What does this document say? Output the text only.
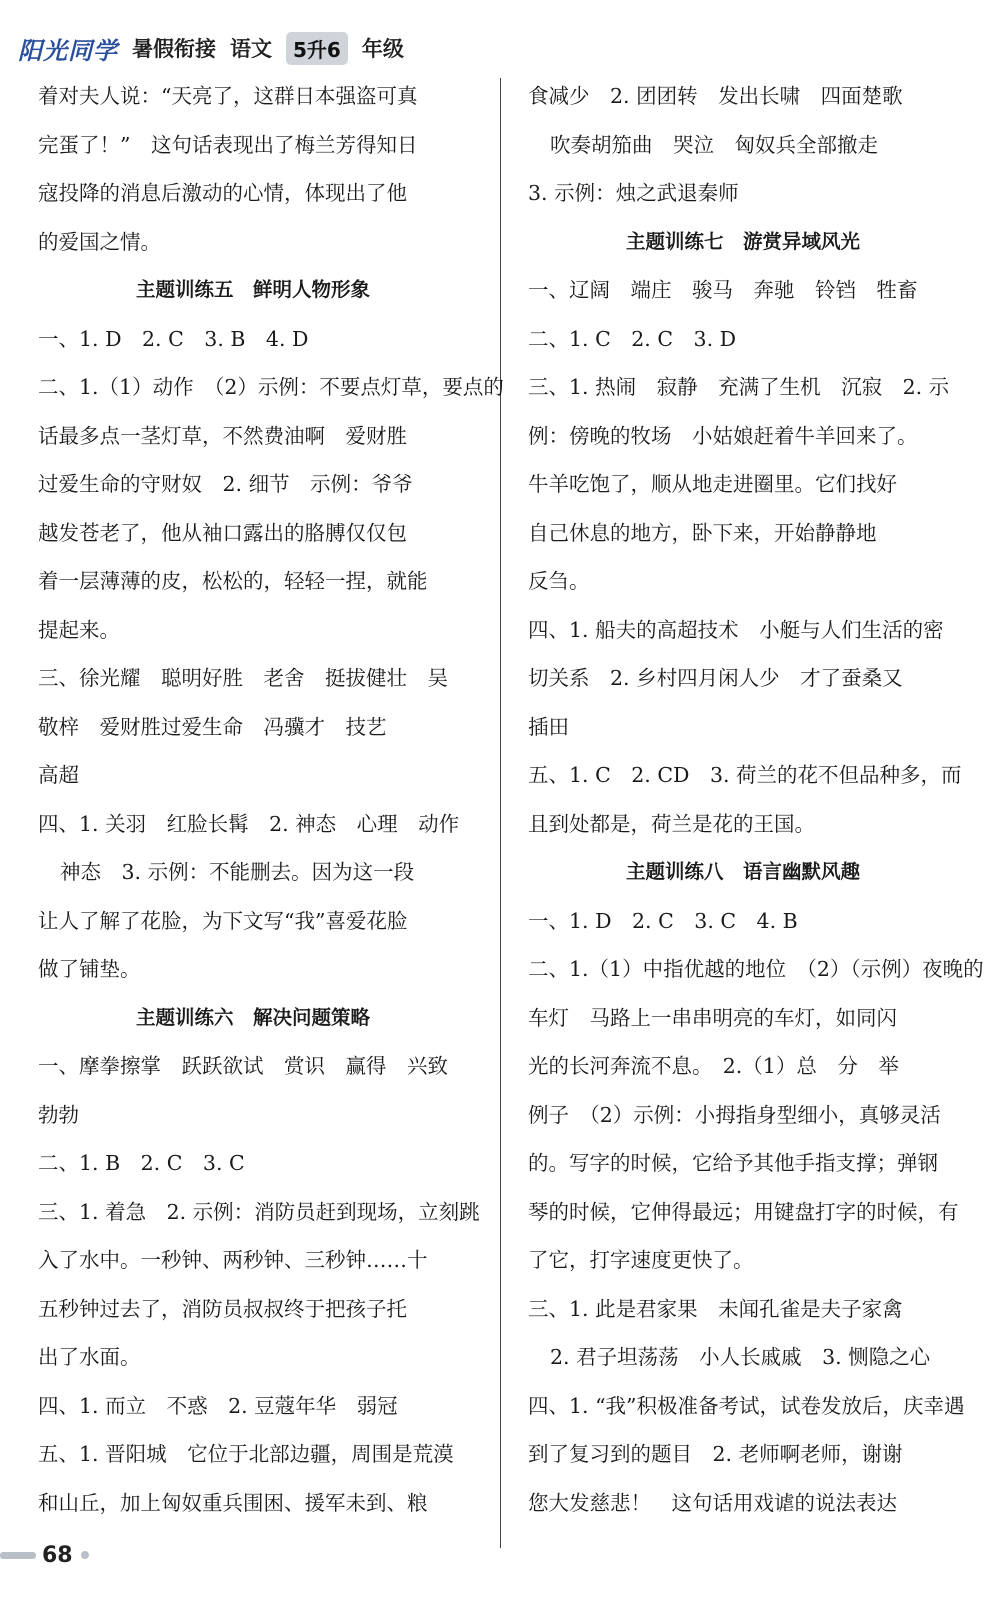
阳光同学 暑假衔接 语文	5升6	年级
着对夫人说：“天亮了，这群日本强盗可真
完蛋了！”　这句话表现出了梅兰芳得知日
寇投降的消息后激动的心情，体现出了他
的爱国之情。
主题训练五　鲜明人物形象
一、1. D　2. C　3. B　4. D
二、1.（1）动作　（2）示例：不要点灯草，要点的
话最多点一茎灯草，不然费油啊　爱财胜
过爱生命的守财奴　2. 细节　示例：爷爷
越发苍老了，他从袖口露出的胳膊仅仅包
着一层薄薄的皮，松松的，轻轻一捏，就能
提起来。
三、徐光耀　聪明好胜　老舍　挺拔健壮　吴
敬梓　爱财胜过爱生命　冯骥才　技艺
高超
四、1. 关羽　红脸长髯　2. 神态　心理　动作
神态　3. 示例：不能删去。因为这一段
让人了解了花脸，为下文写“我”喜爱花脸
做了铺垫。
主题训练六　解决问题策略
一、摩拳擦掌　跃跃欲试　赏识　赢得　兴致
勃勃
二、1. B　2. C　3. C
三、1. 着急　2. 示例：消防员赶到现场，立刻跳
入了水中。一秒钟、两秒钟、三秒钟……十
五秒钟过去了，消防员叔叔终于把孩子托
出了水面。
四、1. 而立　不惑　2. 豆蔻年华　弱冠
五、1. 晋阳城　它位于北部边疆，周围是荒漠
和山丘，加上匈奴重兵围困、援军未到、粮
食减少　2. 团团转　发出长啸　四面楚歌
吹奏胡笳曲　哭泣　匈奴兵全部撤走
3. 示例：烛之武退秦师
主题训练七　游赏异域风光
一、辽阔　端庄　骏马　奔驰　铃铛　牲畜
二、1. C　2. C　3. D
三、1. 热闹　寂静　充满了生机　沉寂　2. 示
例：傍晚的牧场　小姑娘赶着牛羊回来了。
牛羊吃饱了，顺从地走进圈里。它们找好
自己休息的地方，卧下来，开始静静地
反刍。
四、1. 船夫的高超技术　小艇与人们生活的密
切关系　2. 乡村四月闲人少　才了蚕桑又
插田
五、1. C　2. CD　3. 荷兰的花不但品种多，而
且到处都是，荷兰是花的王国。
主题训练八　语言幽默风趣
一、1. D　2. C　3. C　4. B
二、1.（1）中指优越的地位　（2）（示例）夜晚的
车灯　马路上一串串明亮的车灯，如同闪
光的长河奔流不息。　2.（1）总　分　举
例子　（2）示例：小拇指身型细小，真够灵活
的。写字的时候，它给予其他手指支撑；弹钢
琴的时候，它伸得最远；用键盘打字的时候，有
了它，打字速度更快了。
三、1. 此是君家果　未闻孔雀是夫子家禽
2. 君子坦荡荡　小人长戚戚　3. 恻隐之心
四、1. “我”积极准备考试，试卷发放后，庆幸遇
到了复习到的题目　2. 老师啊老师，谢谢
您大发慈悲！　这句话用戏谑的说法表达
68
